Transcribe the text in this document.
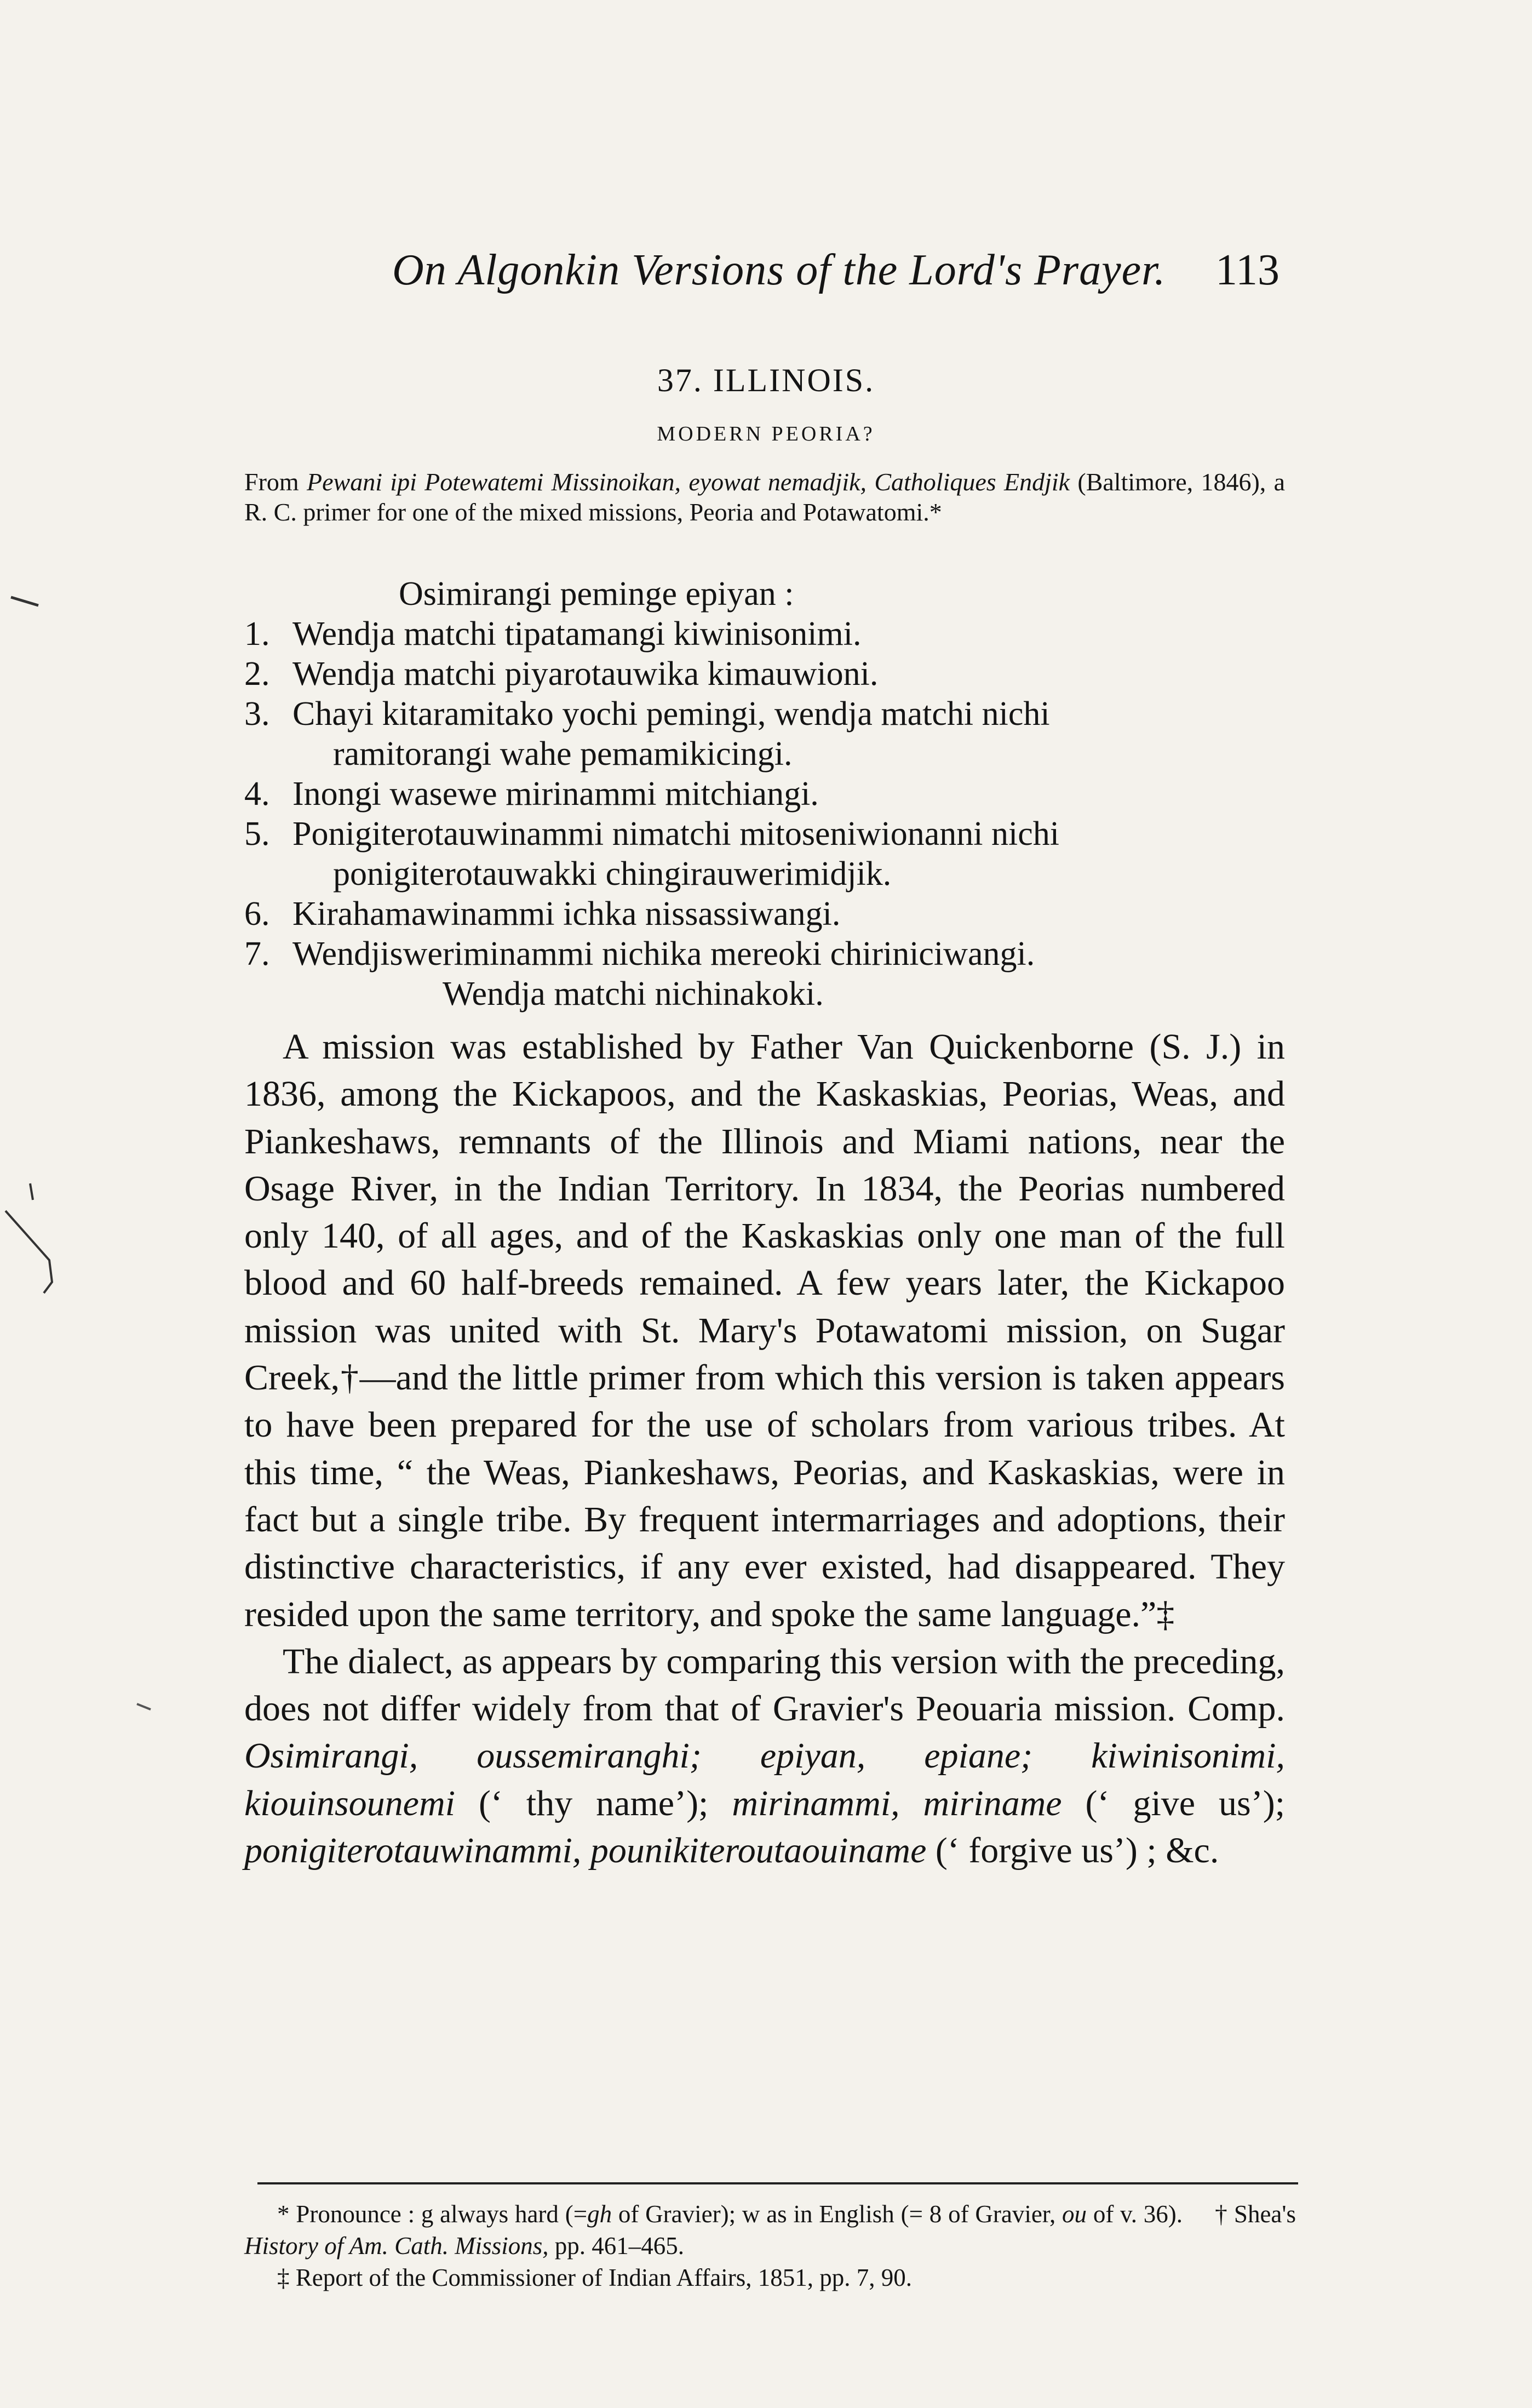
On Algonkin Versions of the Lord's Prayer. 113
37. ILLINOIS.
MODERN PEORIA?
From Pewani ipi Potewatemi Missinoikan, eyowat nemadjik, Catholiques Endjik (Baltimore, 1846), a R. C. primer for one of the mixed missions, Peoria and Potawatomi.*
Osimirangi peminge epiyan :
1. Wendja matchi tipatamangi kiwinisonimi.
2. Wendja matchi piyarotauwika kimauwioni.
3. Chayi kitaramitako yochi pemingi, wendja matchi nichi
ramitorangi wahe pemamikicingi.
4. Inongi wasewe mirinammi mitchiangi.
5. Ponigiterotauwinammi nimatchi mitoseniwionanni nichi
ponigiterotauwakki chingirauwerimidjik.
6. Kirahamawinammi ichka nissassiwangi.
7. Wendjisweriminammi nichika mereoki chiriniciwangi.
Wendja matchi nichinakoki.

A mission was established by Father Van Quickenborne (S. J.) in 1836, among the Kickapoos, and the Kaskaskias, Peorias, Weas, and Piankeshaws, remnants of the Illinois and Miami nations, near the Osage River, in the Indian Territory. In 1834, the Peorias numbered only 140, of all ages, and of the Kaskaskias only one man of the full blood and 60 half-breeds remained. A few years later, the Kickapoo mission was united with St. Mary's Potawatomi mission, on Sugar Creek,†—and the little primer from which this version is taken appears to have been prepared for the use of scholars from various tribes. At this time, “ the Weas, Piankeshaws, Peorias, and Kaskaskias, were in fact but a single tribe. By frequent intermarriages and adoptions, their distinctive characteristics, if any ever existed, had disappeared. They resided upon the same territory, and spoke the same language.”‡

The dialect, as appears by comparing this version with the preceding, does not differ widely from that of Gravier's Peouaria mission. Comp. Osimirangi, oussemiranghi; epiyan, epiane; kiwinisonimi, kiouinsounemi (‘ thy name’); mirinammi, mirinamе (‘ give us’); ponigiterotauwinammi, pounikiteroutaouinamе (‘ forgive us’) ; &c.

* Pronounce : g always hard (=gh of Gravier); w as in English (= 8 of Gravier, ou of v. 36). † Shea's History of Am. Cath. Missions, pp. 461–465.

‡ Report of the Commissioner of Indian Affairs, 1851, pp. 7, 90.
